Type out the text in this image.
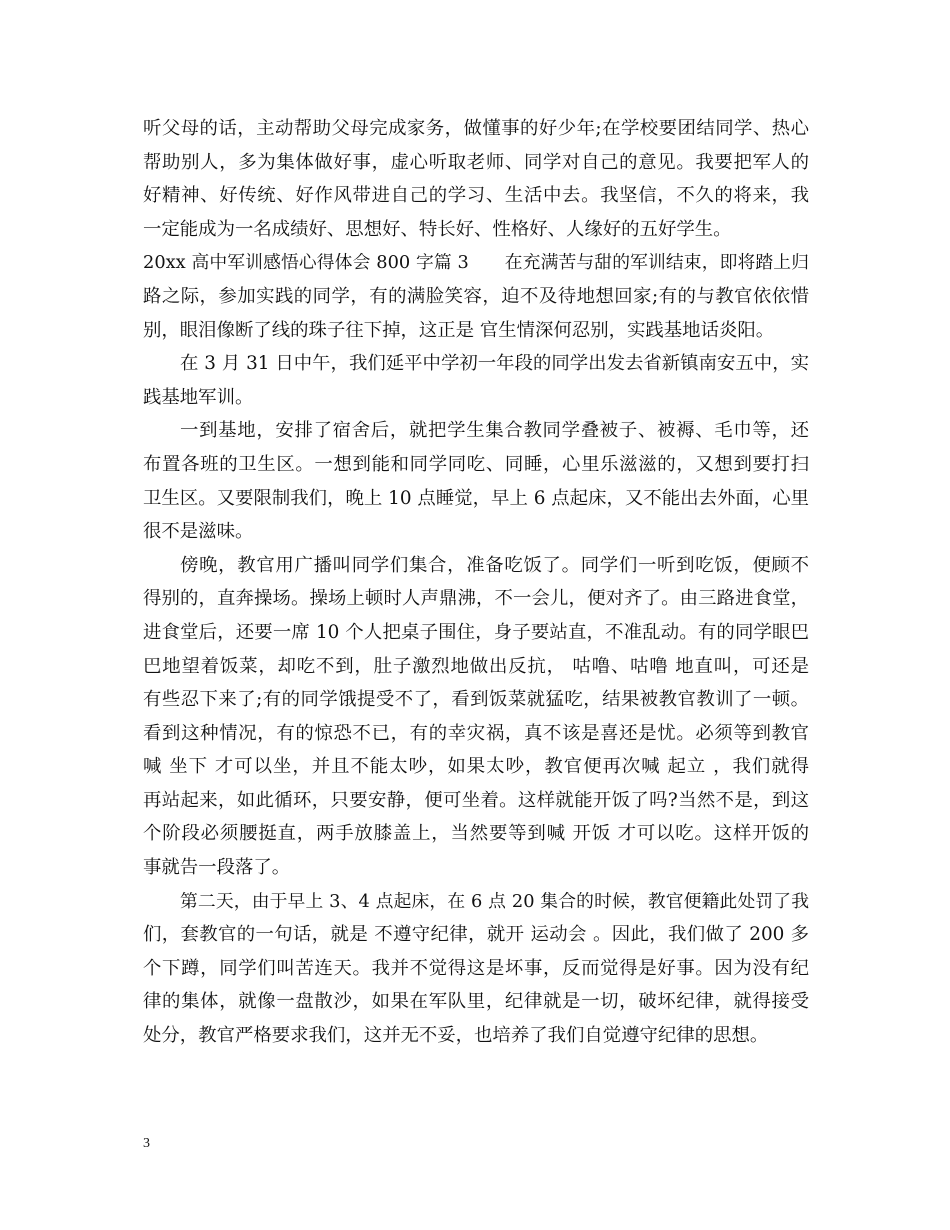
听父母的话，主动帮助父母完成家务，做懂事的好少年;在学校要团结同学、热心
帮助别人，多为集体做好事，虚心听取老师、同学对自己的意见。我要把军人的
好精神、好传统、好作风带进自己的学习、生活中去。我坚信，不久的将来，我
一定能成为一名成绩好、思想好、特长好、性格好、人缘好的五好学生。
20xx 高中军训感悟心得体会 800 字篇 3　　在充满苦与甜的军训结束，即将踏上归
路之际，参加实践的同学，有的满脸笑容，迫不及待地想回家;有的与教官依依惜
别，眼泪像断了线的珠子往下掉，这正是 官生情深何忍别，实践基地话炎阳。
在 3 月 31 日中午，我们延平中学初一年段的同学出发去省新镇南安五中，实
践基地军训。
一到基地，安排了宿舍后，就把学生集合教同学叠被子、被褥、毛巾等，还
布置各班的卫生区。一想到能和同学同吃、同睡，心里乐滋滋的，又想到要打扫
卫生区。又要限制我们，晚上 10 点睡觉，早上 6 点起床，又不能出去外面，心里
很不是滋味。
傍晚，教官用广播叫同学们集合，准备吃饭了。同学们一听到吃饭，便顾不
得别的，直奔操场。操场上顿时人声鼎沸，不一会儿，便对齐了。由三路进食堂，
进食堂后，还要一席 10 个人把桌子围住，身子要站直，不准乱动。有的同学眼巴
巴地望着饭菜，却吃不到，肚子激烈地做出反抗， 咕噜、咕噜 地直叫，可还是
有些忍下来了;有的同学饿提受不了，看到饭菜就猛吃，结果被教官教训了一顿。
看到这种情况，有的惊恐不已，有的幸灾祸，真不该是喜还是忧。必须等到教官
喊 坐下 才可以坐，并且不能太吵，如果太吵，教官便再次喊 起立 ，我们就得
再站起来，如此循环，只要安静，便可坐着。这样就能开饭了吗?当然不是，到这
个阶段必须腰挺直，两手放膝盖上，当然要等到喊 开饭 才可以吃。这样开饭的
事就告一段落了。
第二天，由于早上 3、4 点起床，在 6 点 20 集合的时候，教官便籍此处罚了我
们，套教官的一句话，就是 不遵守纪律，就开 运动会 。因此，我们做了 200 多
个下蹲，同学们叫苦连天。我并不觉得这是坏事，反而觉得是好事。因为没有纪
律的集体，就像一盘散沙，如果在军队里，纪律就是一切，破坏纪律，就得接受
处分，教官严格要求我们，这并无不妥，也培养了我们自觉遵守纪律的思想。
3
